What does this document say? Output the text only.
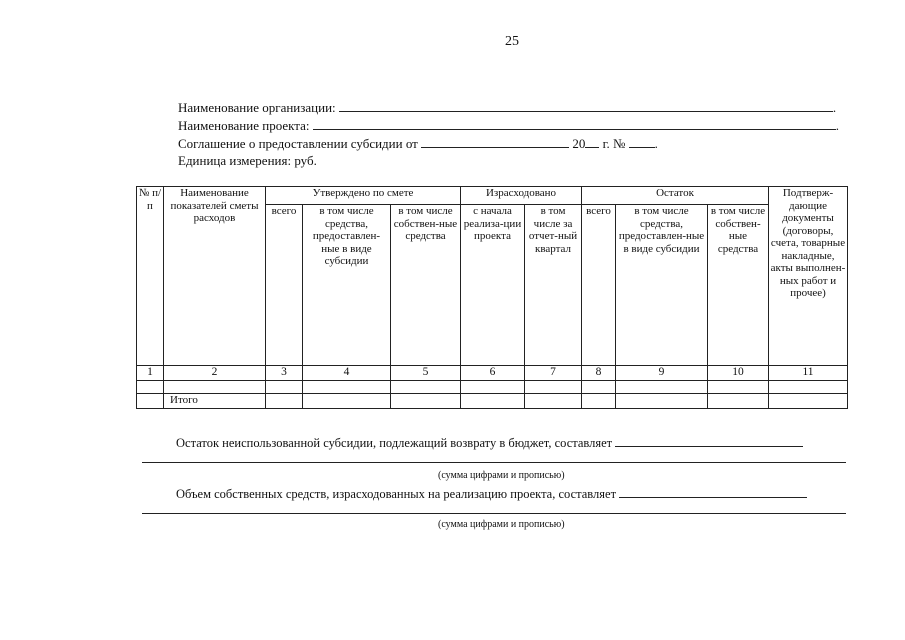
25
Наименование организации:	.
Наименование проекта:	.
Соглашение о предоставлении субсидии от	20 г. № .
Единица измерения: руб.
№ п/п	Наименование показателей сметы расходов	Утверждено по смете			Израсходовано		Остаток			Подтверж-дающие документы (договоры, счета, товарные накладные, акты выполнен-ных работ и прочее)
		всего	в том числе средства, предоставлен-ные в виде субсидии	в том числе собствен-ные средства	с начала реализа-ции проекта	в том числе за отчет-ный квартал	всего	в том числе средства, предоставлен-ные в виде субсидии	в том числе собствен-ные средства	
1	2	3	4	5	6	7	8	9	10	11

	Итого									
Остаток неиспользованной субсидии, подлежащий возврату в бюджет, составляет
(сумма цифрами и прописью)
Объем собственных средств, израсходованных на реализацию проекта, составляет
(сумма цифрами и прописью)
